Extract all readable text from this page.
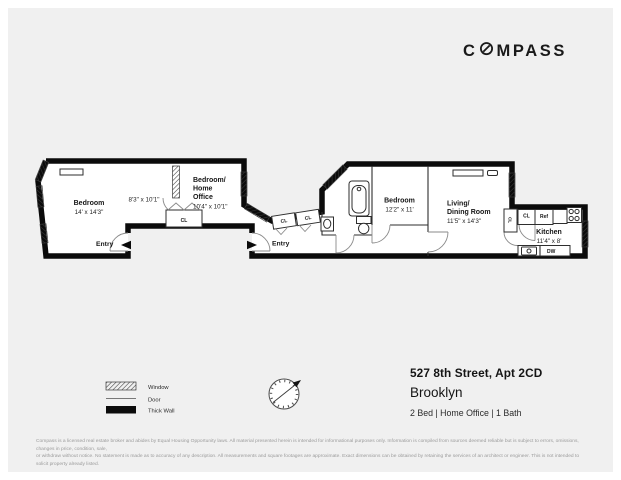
C MPASS
Bedroom
14' x 14'3"
8'3" x 10'1"
Bedroom/
Home
Office
10'4" x 10'1"
Entry	Entry
CL	CL	CL
Bedroom
12'2" x 11'
Living/
Dining Room
11'5" x 14'3"	CL
CL Ref
Kitchen
11'4" x 8'
DW
Window
Door
Thick Wall
527 8th Street, Apt 2CD
Brooklyn
2 Bed | Home Office | 1 Bath
Compass is a licensed real estate broker and abides by Equal Housing Opportunity laws. All material presented herein is intended for informational purposes only. Information is compiled from sources deemed reliable but is subject to errors, omissions, changes in price, condition, sale,
or withdraw without notice. No statement is made as to accuracy of any description. All measurements and square footages are approximate. Exact dimensions can be obtained by retaining the services of an architect or engineer. This is not intended to solicit property already listed.
